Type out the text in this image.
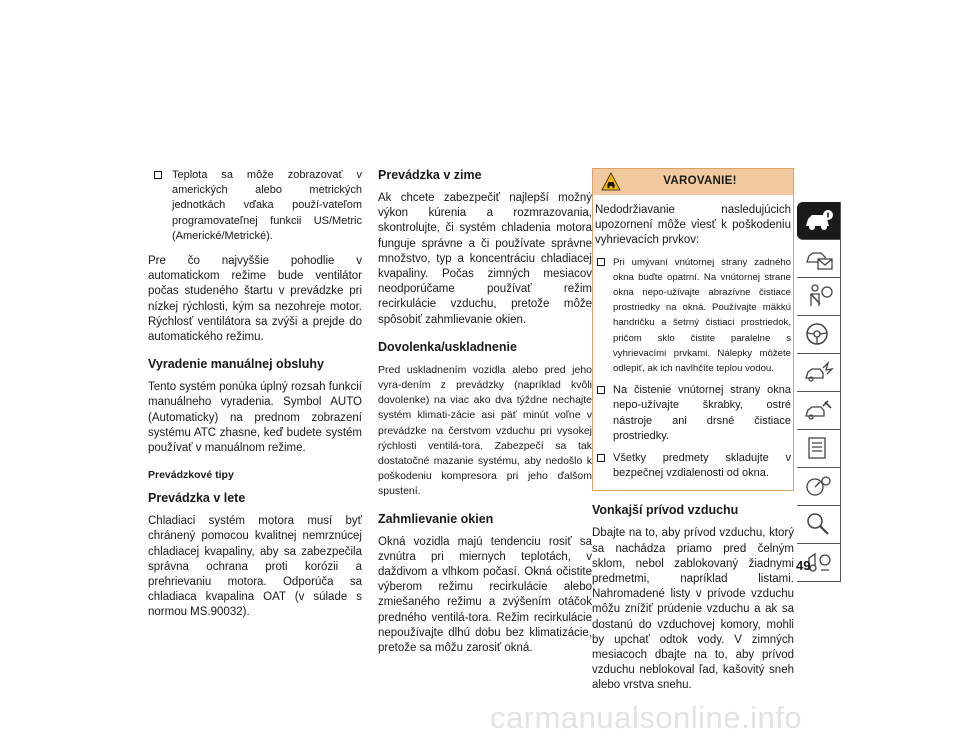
Teplota sa môže zobrazovať v amerických alebo metrických jednotkách vďaka použí-vateľom programovateľnej funkcii US/Metric (Americké/Metrické).

Pre čo najvyššie pohodlie v automatickom režime bude ventilátor počas studeného štartu v prevádzke pri nízkej rýchlosti, kým sa nezohreje motor. Rýchlosť ventilátora sa zvýši a prejde do automatického režimu.

Vyradenie manuálnej obsluhy

Tento systém ponúka úplný rozsah funkcií manuálneho vyradenia. Symbol AUTO (Automaticky) na prednom zobrazení systému ATC zhasne, keď budete systém používať v manuálnom režime.

Prevádzkové tipy
Prevádzka v lete

Chladiaci systém motora musí byť chránený pomocou kvalitnej nemrznúcej chladiacej kvapaliny, aby sa zabezpečila správna ochrana proti korózii a prehrievaniu motora. Odporúča sa chladiaca kvapalina OAT (v súlade s normou MS.90032).

Prevádzka v zime

Ak chcete zabezpečiť najlepší možný výkon kúrenia a rozmrazovania, skontrolujte, či systém chladenia motora funguje správne a či používate správne množstvo, typ a koncentráciu chladiacej kvapaliny. Počas zimných mesiacov neodporúčame používať režim recirkulácie vzduchu, pretože môže spôsobiť zahmlievanie okien.

Dovolenka/uskladnenie

Pred uskladnením vozidla alebo pred jeho vyra-dením z prevádzky (napríklad kvôli dovolenke) na viac ako dva týždne nechajte systém klimati-zácie asi päť minút voľne v prevádzke na čerstvom vzduchu pri vysokej rýchlosti ventilá-tora. Zabezpečí sa tak dostatočné mazanie systému, aby nedošlo k poškodeniu kompresora pri jeho ďalšom spustení.

Zahmlievanie okien

Okná vozidla majú tendenciu rosiť sa zvnútra pri miernych teplotách, v daždivom a vlhkom počasí. Okná očistite výberom režimu recirkulácie alebo zmiešaného režimu a zvýšením otáčok predného ventilá-tora. Režim recirkulácie nepoužívajte dlhú dobu bez klimatizácie, pretože sa môžu zarosiť okná.

VAROVANIE!

Nedodržiavanie nasledujúcich upozornení môže viesť k poškodeniu vyhrievacích prvkov:

Pri umývaní vnútornej strany zadného okna buďte opatrní. Na vnútornej strane okna nepo-užívajte abrazívne čistiace prostriedky na okná. Používajte mäkkú handričku a šetrný čistiaci prostriedok, pričom sklo čistite paralelne s vyhrievacími prvkami. Nálepky môžete odlepiť, ak ich navlhčíte teplou vodou.
Na čistenie vnútornej strany okna nepo-užívajte škrabky, ostré nástroje ani drsné čistiace prostriedky.
Všetky predmety skladujte v bezpečnej vzdialenosti od okna.
Vonkajší prívod vzduchu

Dbajte na to, aby prívod vzduchu, ktorý sa nachádza priamo pred čelným sklom, nebol zablokovaný žiadnymi predmetmi, napríklad listami. Nahromadené listy v prívode vzduchu môžu znížiť prúdenie vzduchu a ak sa dostanú do vzduchovej komory, mohli by upchať odtok vody. V zimných mesiacoch dbajte na to, aby prívod vzduchu neblokoval ľad, kašovitý sneh alebo vrstva snehu.

49
carmanualsonline.info
